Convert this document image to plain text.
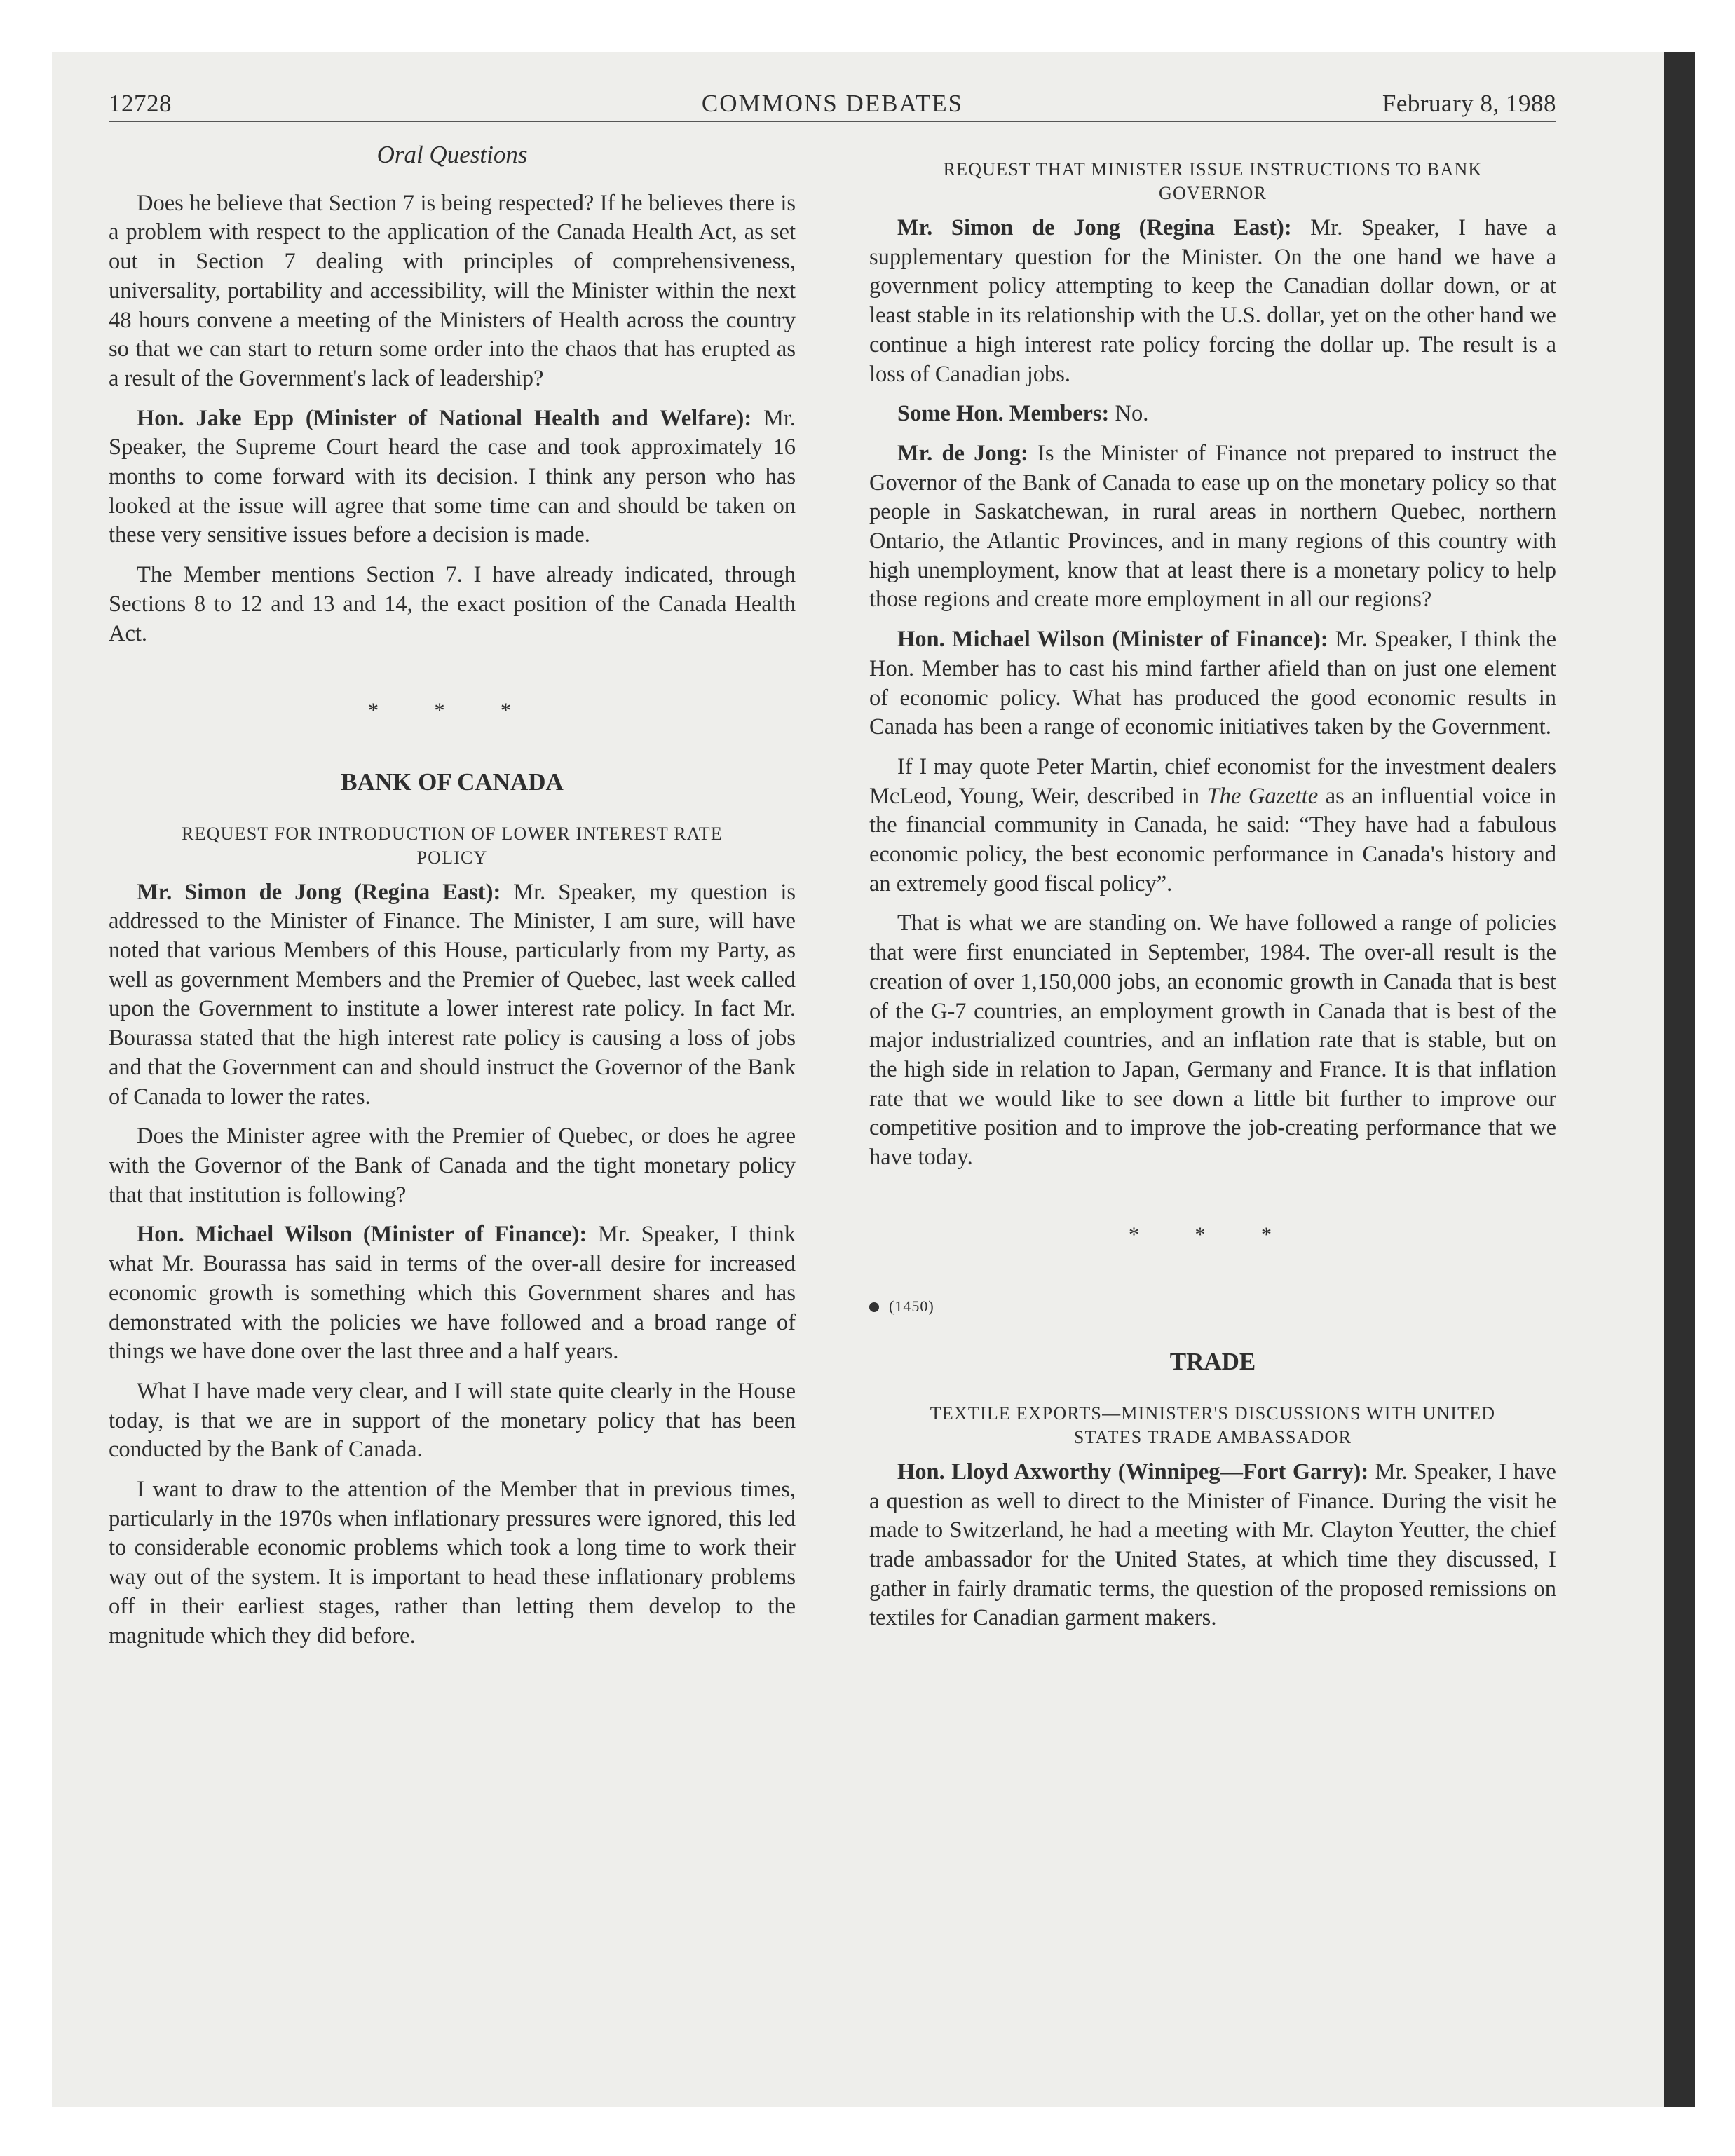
12728	COMMONS DEBATES	February 8, 1988
Oral Questions

Does he believe that Section 7 is being respected? If he believes there is a problem with respect to the application of the Canada Health Act, as set out in Section 7 dealing with principles of comprehensiveness, universality, portability and accessibility, will the Minister within the next 48 hours convene a meeting of the Ministers of Health across the country so that we can start to return some order into the chaos that has erupted as a result of the Government's lack of leadership?

Hon. Jake Epp (Minister of National Health and Welfare): Mr. Speaker, the Supreme Court heard the case and took approximately 16 months to come forward with its decision. I think any person who has looked at the issue will agree that some time can and should be taken on these very sensitive issues before a decision is made.

The Member mentions Section 7. I have already indicated, through Sections 8 to 12 and 13 and 14, the exact position of the Canada Health Act.

* * *
BANK OF CANADA
REQUEST FOR INTRODUCTION OF LOWER INTEREST RATE POLICY

Mr. Simon de Jong (Regina East): Mr. Speaker, my question is addressed to the Minister of Finance. The Minister, I am sure, will have noted that various Members of this House, particularly from my Party, as well as government Members and the Premier of Quebec, last week called upon the Government to institute a lower interest rate policy. In fact Mr. Bourassa stated that the high interest rate policy is causing a loss of jobs and that the Government can and should instruct the Governor of the Bank of Canada to lower the rates.

Does the Minister agree with the Premier of Quebec, or does he agree with the Governor of the Bank of Canada and the tight monetary policy that that institution is following?

Hon. Michael Wilson (Minister of Finance): Mr. Speaker, I think what Mr. Bourassa has said in terms of the over-all desire for increased economic growth is something which this Government shares and has demonstrated with the policies we have followed and a broad range of things we have done over the last three and a half years.

What I have made very clear, and I will state quite clearly in the House today, is that we are in support of the monetary policy that has been conducted by the Bank of Canada.

I want to draw to the attention of the Member that in previous times, particularly in the 1970s when inflationary pressures were ignored, this led to considerable economic problems which took a long time to work their way out of the system. It is important to head these inflationary problems off in their earliest stages, rather than letting them develop to the magnitude which they did before.

REQUEST THAT MINISTER ISSUE INSTRUCTIONS TO BANK GOVERNOR

Mr. Simon de Jong (Regina East): Mr. Speaker, I have a supplementary question for the Minister. On the one hand we have a government policy attempting to keep the Canadian dollar down, or at least stable in its relationship with the U.S. dollar, yet on the other hand we continue a high interest rate policy forcing the dollar up. The result is a loss of Canadian jobs.

Some Hon. Members: No.

Mr. de Jong: Is the Minister of Finance not prepared to instruct the Governor of the Bank of Canada to ease up on the monetary policy so that people in Saskatchewan, in rural areas in northern Quebec, northern Ontario, the Atlantic Provinces, and in many regions of this country with high unemployment, know that at least there is a monetary policy to help those regions and create more employment in all our regions?

Hon. Michael Wilson (Minister of Finance): Mr. Speaker, I think the Hon. Member has to cast his mind farther afield than on just one element of economic policy. What has produced the good economic results in Canada has been a range of economic initiatives taken by the Government.

If I may quote Peter Martin, chief economist for the investment dealers McLeod, Young, Weir, described in The Gazette as an influential voice in the financial community in Canada, he said: “They have had a fabulous economic policy, the best economic performance in Canada's history and an extremely good fiscal policy”.

That is what we are standing on. We have followed a range of policies that were first enunciated in September, 1984. The over-all result is the creation of over 1,150,000 jobs, an economic growth in Canada that is best of the G-7 countries, an employment growth in Canada that is best of the major industrialized countries, and an inflation rate that is stable, but on the high side in relation to Japan, Germany and France. It is that inflation rate that we would like to see down a little bit further to improve our competitive position and to improve the job-creating performance that we have today.

* * *
(1450)
TRADE
TEXTILE EXPORTS—MINISTER'S DISCUSSIONS WITH UNITED STATES TRADE AMBASSADOR

Hon. Lloyd Axworthy (Winnipeg—Fort Garry): Mr. Speaker, I have a question as well to direct to the Minister of Finance. During the visit he made to Switzerland, he had a meeting with Mr. Clayton Yeutter, the chief trade ambassador for the United States, at which time they discussed, I gather in fairly dramatic terms, the question of the proposed remissions on textiles for Canadian garment makers.
